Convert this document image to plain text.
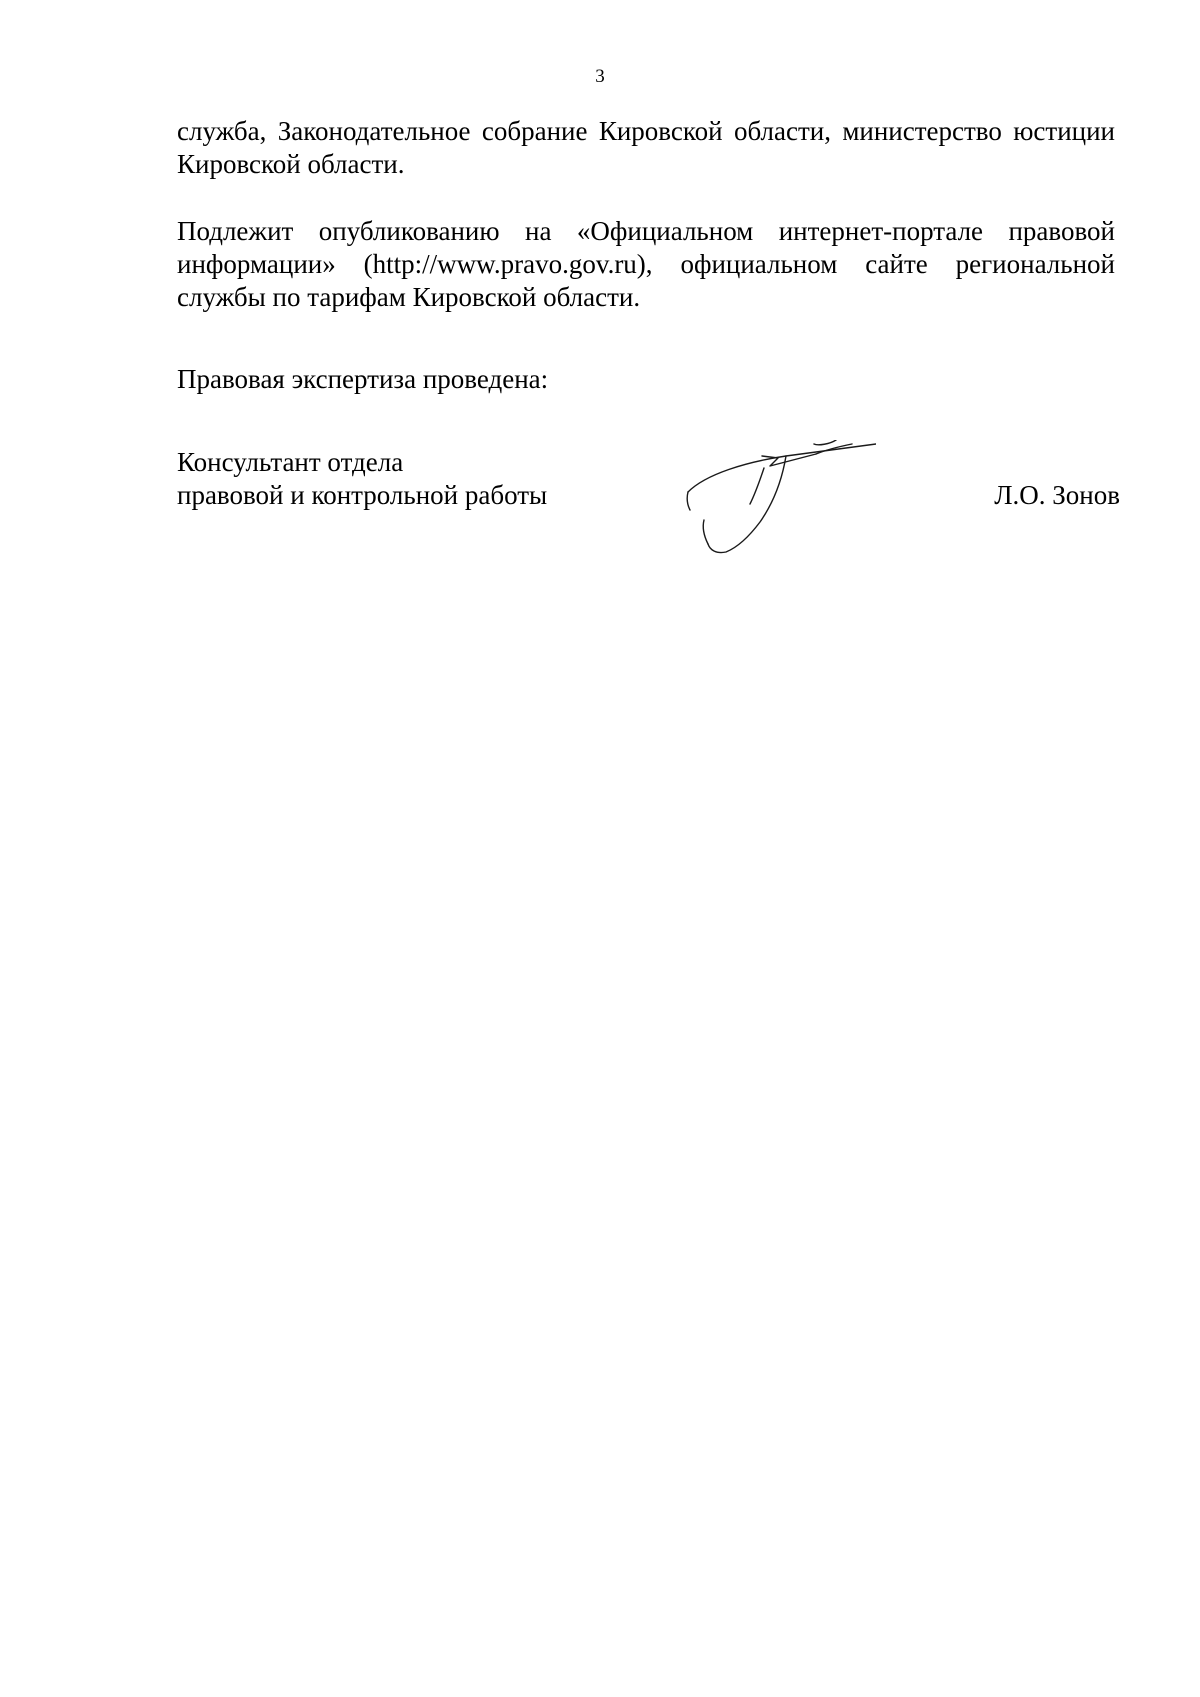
3

служба, Законодательное собрание Кировской области, министерство юстиции Кировской области.

Подлежит опубликованию на «Официальном интернет-портале правовой информации» (http://www.pravo.gov.ru), официальном сайте региональной службы по тарифам Кировской области.

Правовая экспертиза проведена:

Консультант отдела
правовой и контрольной работы	Л.О. Зонов
